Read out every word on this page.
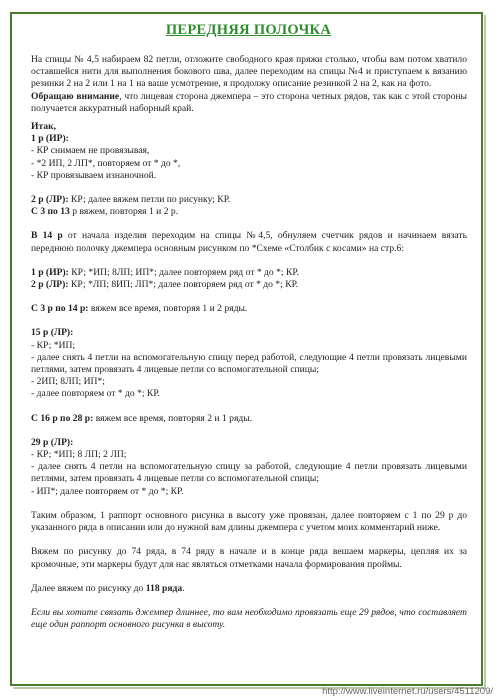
ПЕРЕДНЯЯ ПОЛОЧКА

На спицы № 4,5 набираем 82 петли, отложите свободного края пряжи столько, чтобы вам потом хватило оставшейся нити для выполнения бокового шва, далее переходим на спицы №4 и приступаем к вязанию резинки 2 на 2 или 1 на 1 на ваше усмотрение, я продолжу описание резинкой 2 на 2, как на фото.

Обращаю внимание, что лицевая сторона джемпера – это сторона четных рядов, так как с этой стороны получается аккуратный наборный край.

Итак,

1 р (ИР):

- КР снимаем не провязывая,

- *2 ИП, 2 ЛП*, повторяем от * до *,

- КР провязываем изнаночной.

2 р (ЛР): КР; далее вяжем петли по рисунку; КР.

С 3 по 13 р вяжем, повторяя 1 и 2 р.

В 14 р от начала изделия переходим на спицы №4,5, обнуляем счетчик рядов и начинаем вязать переднюю полочку джемпера основным рисунком по *Схеме «Столбик с косами» на стр.6:

1 р (ИР): КР; *ИП; 8ЛП; ИП*; далее повторяем ряд от * до *; КР.

2 р (ЛР): КР; *ЛП; 8ИП; ЛП*; далее повторяем ряд от * до *; КР.

С 3 р по 14 р: вяжем все время, повторяя 1 и 2 ряды.

15 р (ЛР):

- КР; *ИП;

- далее снять 4 петли на вспомогательную спицу перед работой, следующие 4 петли провязать лицевыми петлями, затем провязать 4 лицевые петли со вспомогательной спицы;

- 2ИП; 8ЛП; ИП*;

- далее повторяем от * до *; КР.

С 16 р по 28 р: вяжем все время, повторяя 2 и 1 ряды.

29 р (ЛР):

- КР; *ИП; 8 ЛП; 2 ЛП;

- далее снять 4 петли на вспомогательную спицу за работой, следующие 4 петли провязать лицевыми петлями, затем провязать 4 лицевые петли со вспомогательной спицы;

- ИП*; далее повторяем от * до *; КР.

Таким образом, 1 раппорт основного рисунка в высоту уже провязан, далее повторяем с 1 по 29 р до указанного ряда в описании или до нужной вам длины джемпера с учетом моих комментарий ниже.

Вяжем по рисунку до 74 ряда, в 74 ряду в начале и в конце ряда вешаем маркеры, цепляя их за кромочные, эти маркеры будут для нас являться отметками начала формирования проймы.

Далее вяжем по рисунку до 118 ряда.

Если вы хотите связать джемпер длиннее, то вам необходимо провязать еще 29 рядов, что составляет еще один раппорт основного рисунка в высоту.

http://www.liveinternet.ru/users/4511209/
